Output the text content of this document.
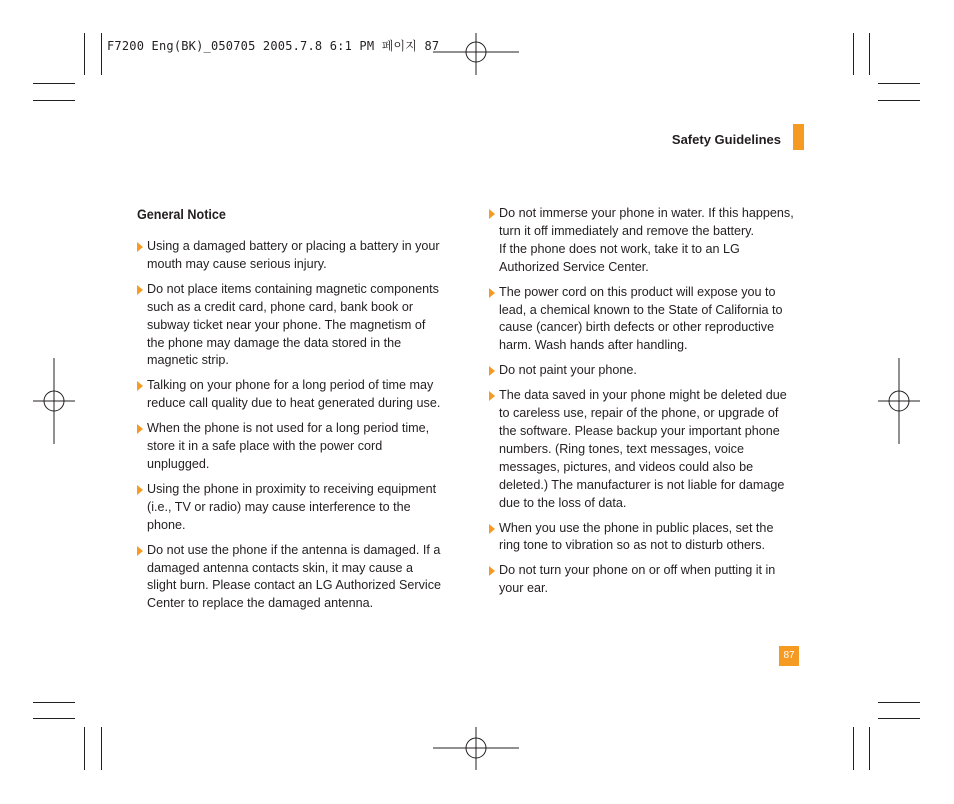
F7200 Eng(BK)_050705 2005.7.8 6:1 PM 페이지 87
Safety Guidelines
General Notice
Using a damaged battery or placing a battery in your
mouth may cause serious injury.
Do not place items containing magnetic components
such as a credit card, phone card, bank book or
subway ticket near your phone. The magnetism of
the phone may damage the data stored in the
magnetic strip.
Talking on your phone for a long period of time may
reduce call quality due to heat generated during use.
When the phone is not used for a long period time,
store it in a safe place with the power cord
unplugged.
Using the phone in proximity to receiving equipment
(i.e., TV or radio) may cause interference to the phone.
Do not use the phone if the antenna is damaged. If a
damaged antenna contacts skin, it may cause a
slight burn. Please contact an LG Authorized Service
Center to replace the damaged antenna.
Do not immerse your phone in water. If this happens,
turn it off immediately and remove the battery.
If the phone does not work, take it to an LG
Authorized Service Center.
The power cord on this product will expose you to
lead, a chemical known to the State of California to
cause (cancer) birth defects or other reproductive
harm. Wash hands after handling.
Do not paint your phone.
The data saved in your phone might be deleted due
to careless use, repair of the phone, or upgrade of
the software. Please backup your important phone
numbers. (Ring tones, text messages, voice
messages, pictures, and videos could also be
deleted.) The manufacturer is not liable for damage
due to the loss of data.
When you use the phone in public places, set the
ring tone to vibration so as not to disturb others.
Do not turn your phone on or off when putting it in
your ear.
87
